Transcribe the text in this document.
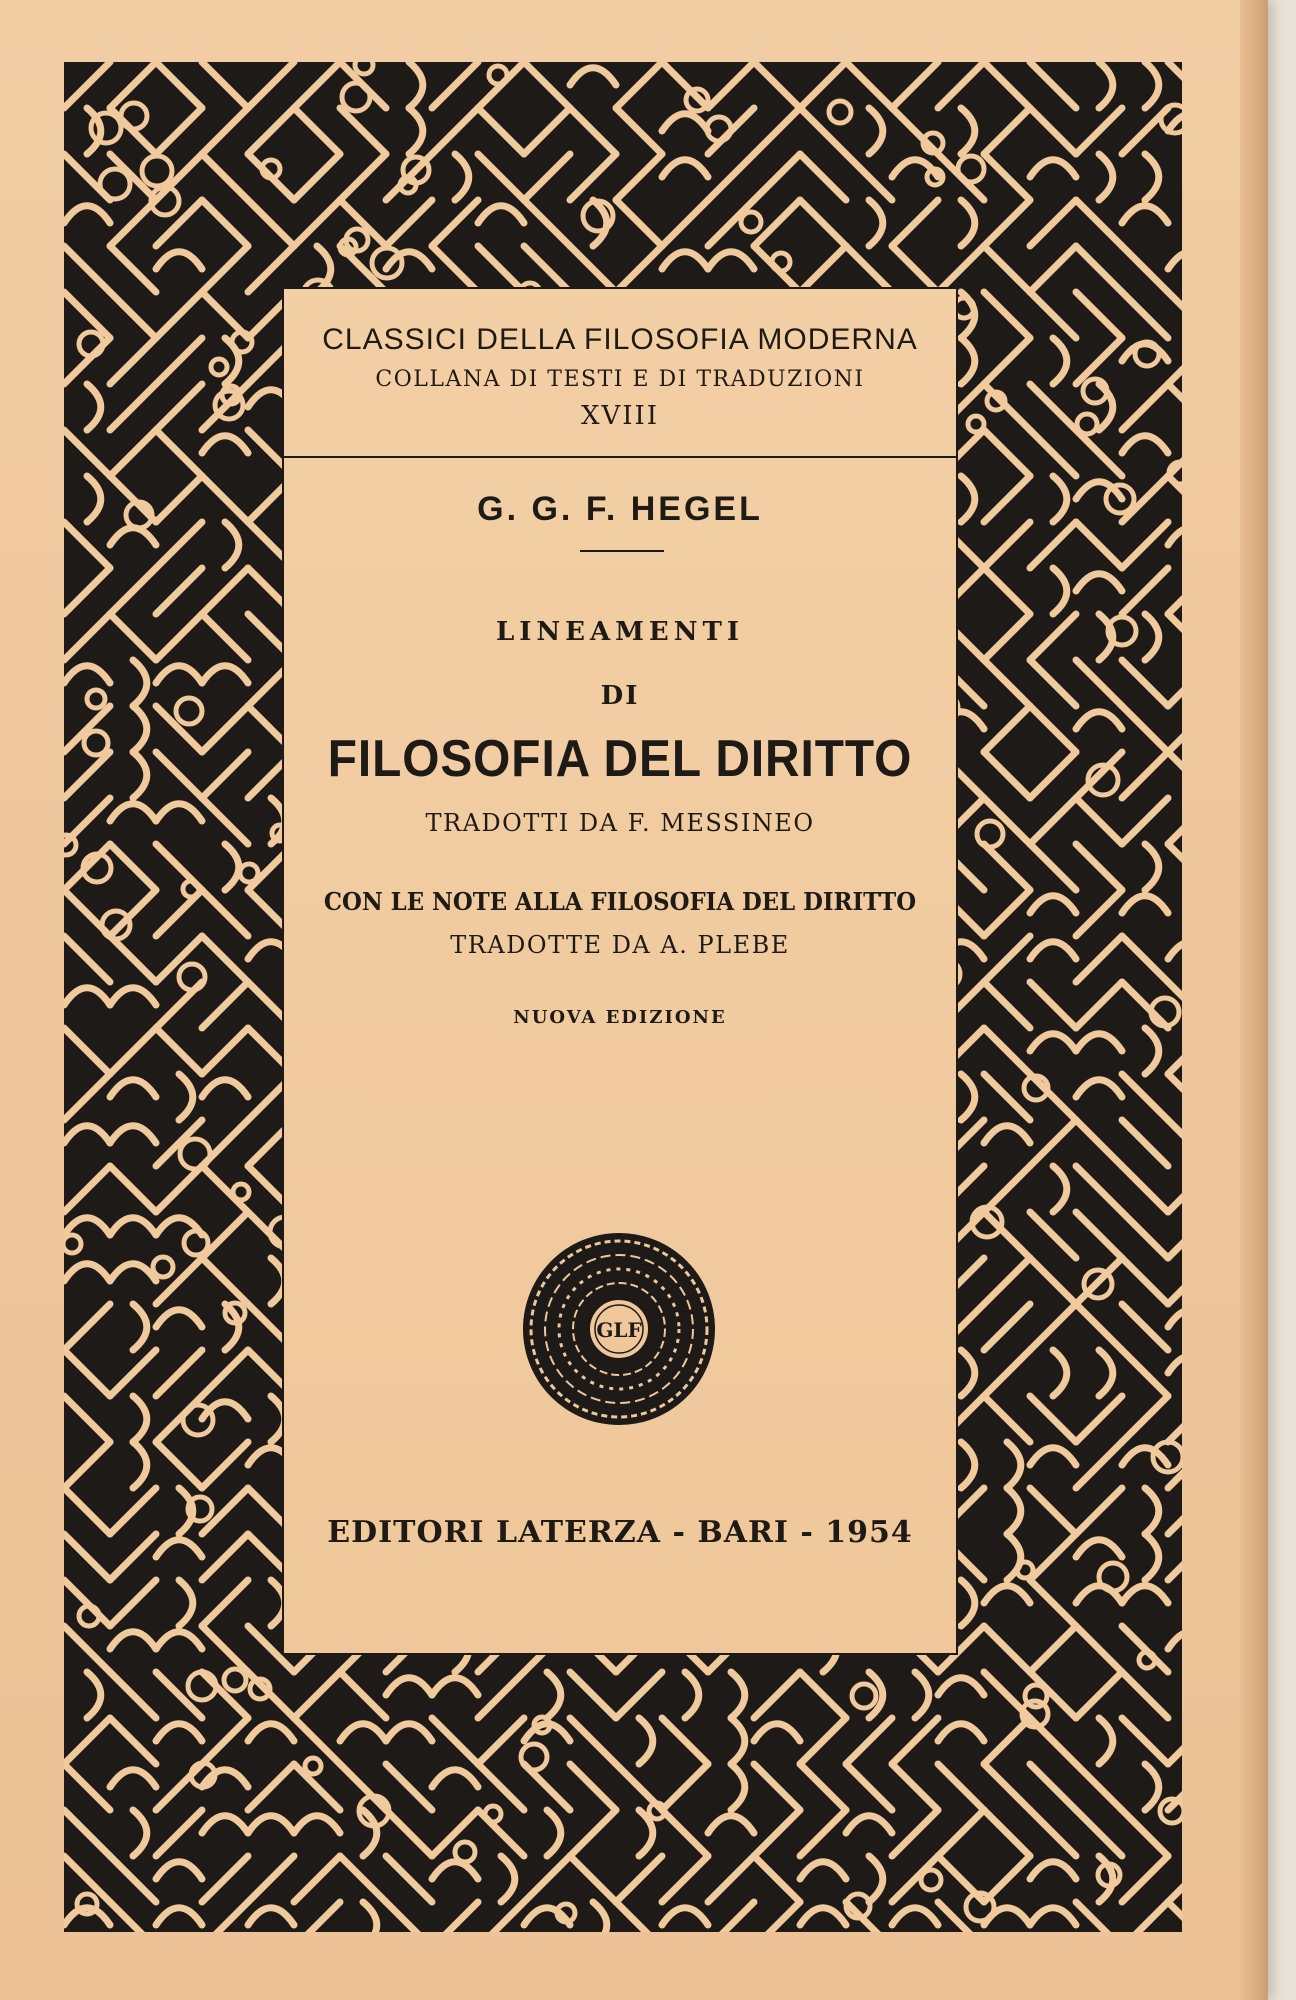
CLASSICI DELLA FILOSOFIA MODERNA
COLLANA DI TESTI E DI TRADUZIONI
XVIII
G. G. F. HEGEL
LINEAMENTI
DI
FILOSOFIA DEL DIRITTO
TRADOTTI DA F. MESSINEO
CON LE NOTE ALLA FILOSOFIA DEL DIRITTO
TRADOTTE DA A. PLEBE
NUOVA EDIZIONE
GLF
EDITORI LATERZA - BARI - 1954
